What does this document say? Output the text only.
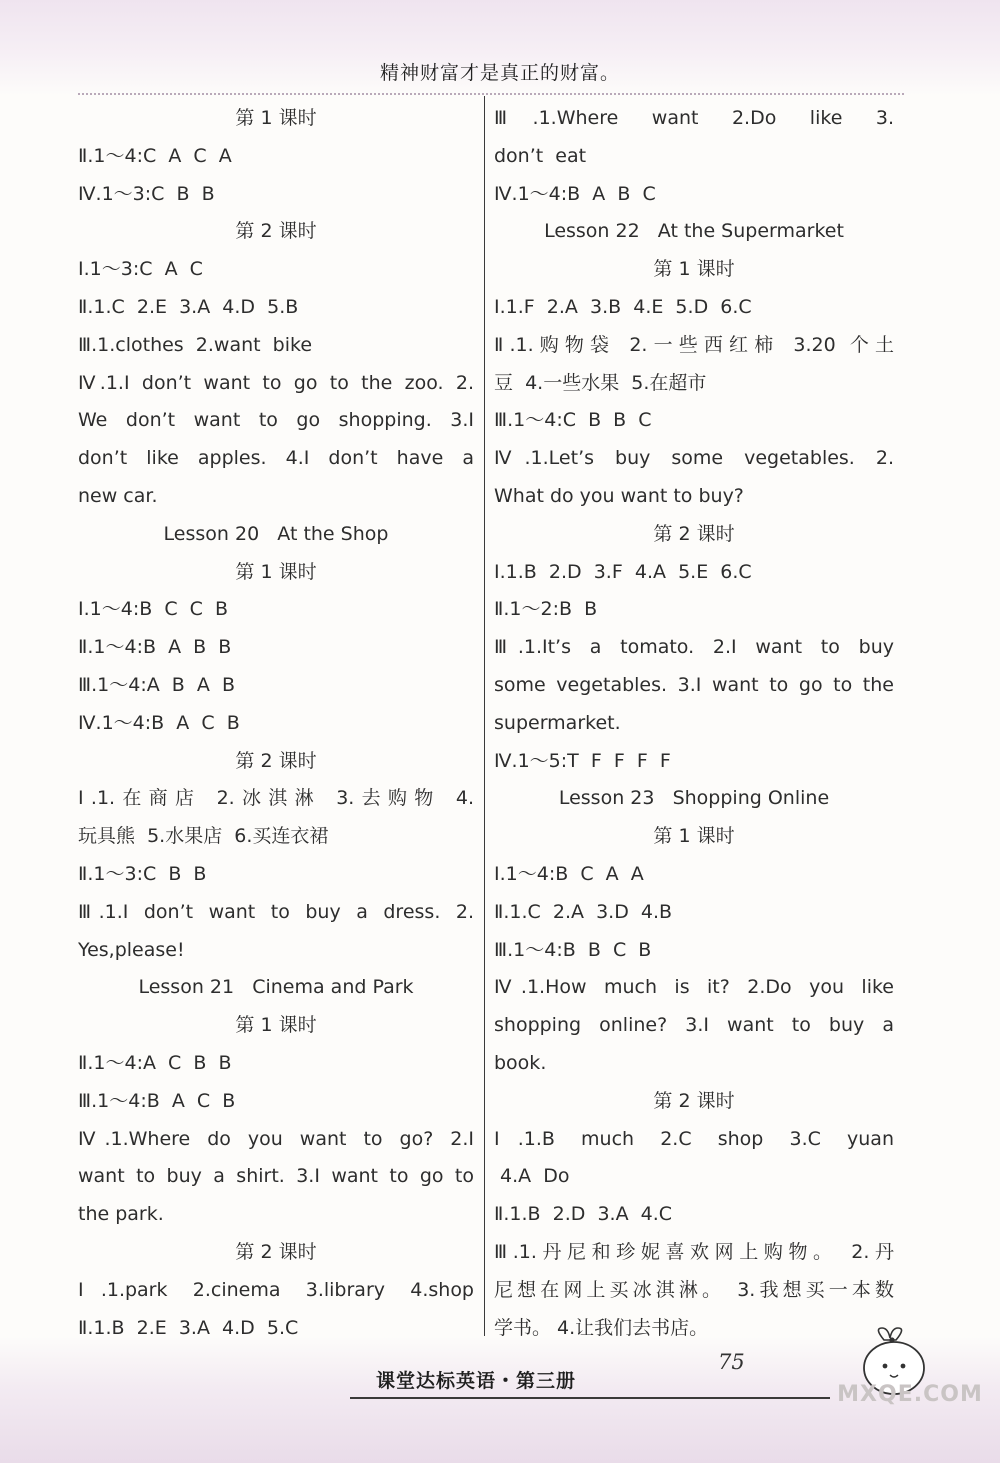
精神财富才是真正的财富。
第 1 课时
Ⅱ.1～4:C  A  C  A
Ⅳ.1～3:C  B  B
第 2 课时
Ⅰ.1～3:C  A  C
Ⅱ.1.C  2.E  3.A  4.D  5.B
Ⅲ.1.clothes  2.want  bike
Ⅳ.1.I don’t want to go to the zoo. 2.
We don’t want to go shopping. 3.I
don’t like apples. 4.I don’t have a
new car.
Lesson 20   At the Shop
第 1 课时
Ⅰ.1～4:B  C  C  B
Ⅱ.1～4:B  A  B  B
Ⅲ.1～4:A  B  A  B
Ⅳ.1～4:B  A  C  B
第 2 课时
Ⅰ.1.在商店 2.冰淇淋 3.去购物 4.
玩具熊  5.水果店  6.买连衣裙
Ⅱ.1～3:C  B  B
Ⅲ.1.I don’t want to buy a dress. 2.
Yes,please!
Lesson 21   Cinema and Park
第 1 课时
Ⅱ.1～4:A  C  B  B
Ⅲ.1～4:B  A  C  B
Ⅳ.1.Where do you want to go? 2.I
want to buy a shirt. 3.I want to go to
the park.
第 2 课时
Ⅰ.1.park 2.cinema 3.library 4.shop
Ⅱ.1.B  2.E  3.A  4.D  5.C
Ⅲ.1.Where want 2.Do like 3.
don’t  eat
Ⅳ.1～4:B  A  B  C
Lesson 22   At the Supermarket
第 1 课时
Ⅰ.1.F  2.A  3.B  4.E  5.D  6.C
Ⅱ.1.购物袋 2.一些西红柿 3.20 个土
豆  4.一些水果  5.在超市
Ⅲ.1～4:C  B  B  C
Ⅳ.1.Let’s buy some vegetables. 2.
What do you want to buy?
第 2 课时
Ⅰ.1.B  2.D  3.F  4.A  5.E  6.C
Ⅱ.1～2:B  B
Ⅲ.1.It’s a tomato. 2.I want to buy
some vegetables. 3.I want to go to the
supermarket.
Ⅳ.1～5:T  F  F  F  F
Lesson 23   Shopping Online
第 1 课时
Ⅰ.1～4:B  C  A  A
Ⅱ.1.C  2.A  3.D  4.B
Ⅲ.1～4:B  B  C  B
Ⅳ.1.How much is it? 2.Do you like
shopping online? 3.I want to buy a
book.
第 2 课时
Ⅰ.1.B much 2.C shop 3.C yuan
4.A  Do
Ⅱ.1.B  2.D  3.A  4.C
Ⅲ.1.丹尼和珍妮喜欢网上购物。 2.丹
尼想在网上买冰淇淋。 3.我想买一本数
学书。 4.让我们去书店。
75
课堂达标英语・第三册
MXQE.COM
